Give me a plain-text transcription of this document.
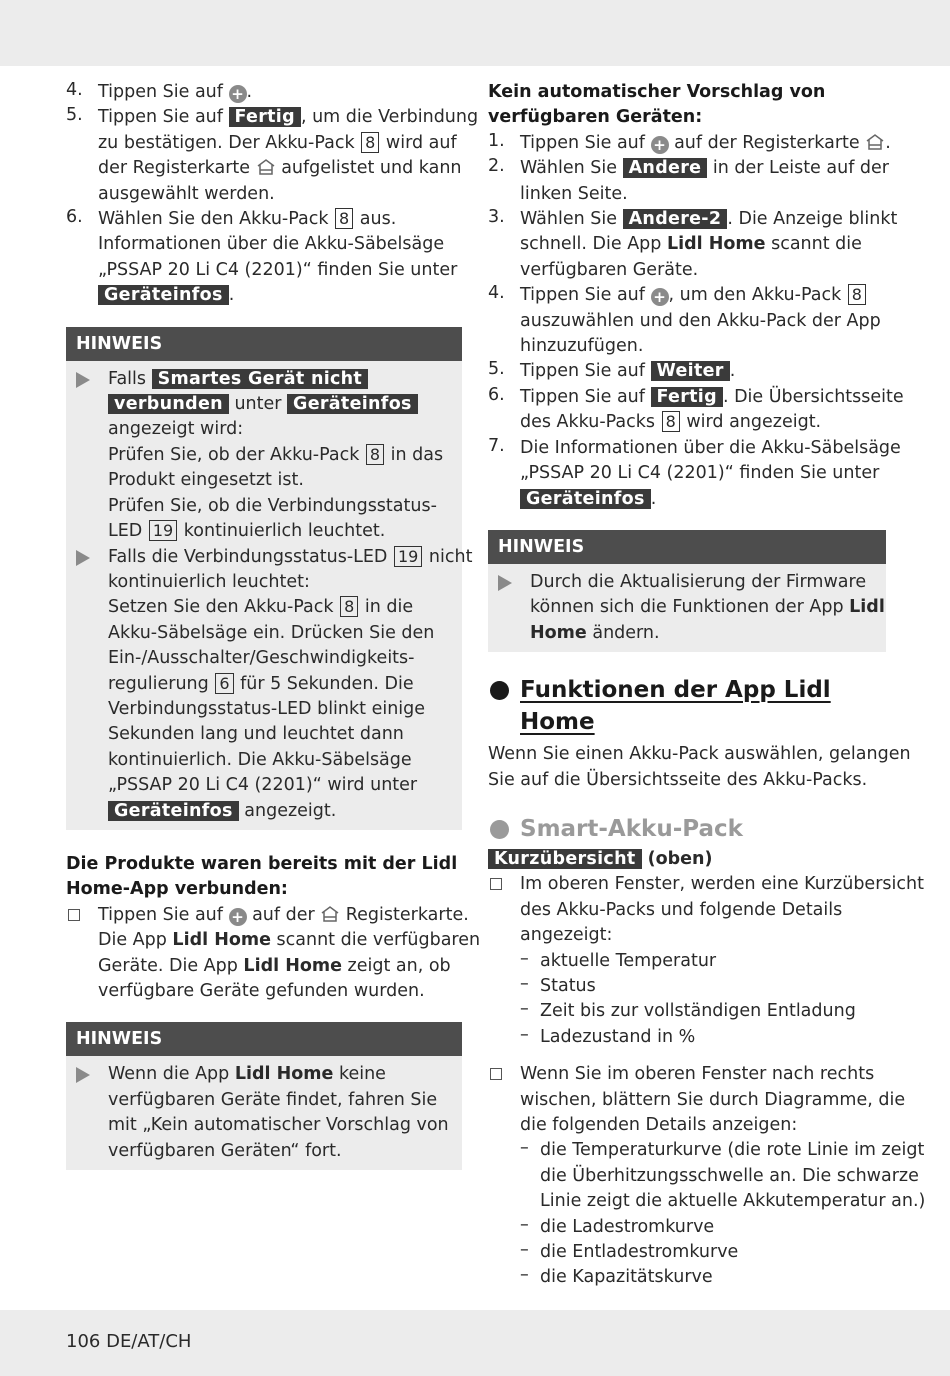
4. Tippen Sie auf + .
5. Tippen Sie auf Fertig , um die Verbindung
zu bestätigen. Der Akku-Pack 8 wird auf
der Registerkarte  aufgelistet und kann
ausgewählt werden.
6. Wählen Sie den Akku-Pack 8 aus.
Informationen über die Akku-Säbelsäge
„PSSAP 20 Li C4 (2201)“ finden Sie unter
Geräteinfos .
HINWEIS
Falls Smartes Gerät nicht
verbunden unter Geräteinfos
angezeigt wird:
Prüfen Sie, ob der Akku-Pack 8 in das
Produkt eingesetzt ist.
Prüfen Sie, ob die Verbindungsstatus-
LED 19 kontinuierlich leuchtet.
Falls die Verbindungsstatus-LED 19 nicht
kontinuierlich leuchtet:
Setzen Sie den Akku-Pack 8 in die
Akku-Säbelsäge ein. Drücken Sie den
Ein-/Ausschalter/Geschwindigkeits-
regulierung 6 für 5 Sekunden. Die
Verbindungsstatus-LED blinkt einige
Sekunden lang und leuchtet dann
kontinuierlich. Die Akku-Säbelsäge
„PSSAP 20 Li C4 (2201)“ wird unter
Geräteinfos angezeigt.
Die Produkte waren bereits mit der Lidl
Home-App verbunden:
Tippen Sie auf + auf der  Registerkarte.
Die App Lidl Home scannt die verfügbaren
Geräte. Die App Lidl Home zeigt an, ob
verfügbare Geräte gefunden wurden.
HINWEIS
Wenn die App Lidl Home keine
verfügbaren Geräte findet, fahren Sie
mit „Kein automatischer Vorschlag von
verfügbaren Geräten“ fort.
Kein automatischer Vorschlag von
verfügbaren Geräten:
1. Tippen Sie auf + auf der Registerkarte .
2. Wählen Sie Andere in der Leiste auf der
linken Seite.
3. Wählen Sie Andere-2 . Die Anzeige blinkt
schnell. Die App Lidl Home scannt die
verfügbaren Geräte.
4. Tippen Sie auf + , um den Akku-Pack 8
auszuwählen und den Akku-Pack der App
hinzuzufügen.
5. Tippen Sie auf Weiter .
6. Tippen Sie auf Fertig . Die Übersichtsseite
des Akku-Packs 8 wird angezeigt.
7. Die Informationen über die Akku-Säbelsäge
„PSSAP 20 Li C4 (2201)“ finden Sie unter
Geräteinfos .
HINWEIS
Durch die Aktualisierung der Firmware
können sich die Funktionen der App Lidl
Home ändern.
Funktionen der App Lidl Home
Wenn Sie einen Akku-Pack auswählen, gelangen
Sie auf die Übersichtsseite des Akku-Packs.
Smart-Akku-Pack
Kurzübersicht (oben)
Im oberen Fenster, werden eine Kurzübersicht
des Akku-Packs und folgende Details
angezeigt:
– aktuelle Temperatur
– Status
– Zeit bis zur vollständigen Entladung
– Ladezustand in %
Wenn Sie im oberen Fenster nach rechts
wischen, blättern Sie durch Diagramme, die
die folgenden Details anzeigen:
– die Temperaturkurve (die rote Linie im zeigt
die Überhitzungsschwelle an. Die schwarze
Linie zeigt die aktuelle Akkutemperatur an.)
– die Ladestromkurve
– die Entladestromkurve
– die Kapazitätskurve
106 DE/AT/CH
